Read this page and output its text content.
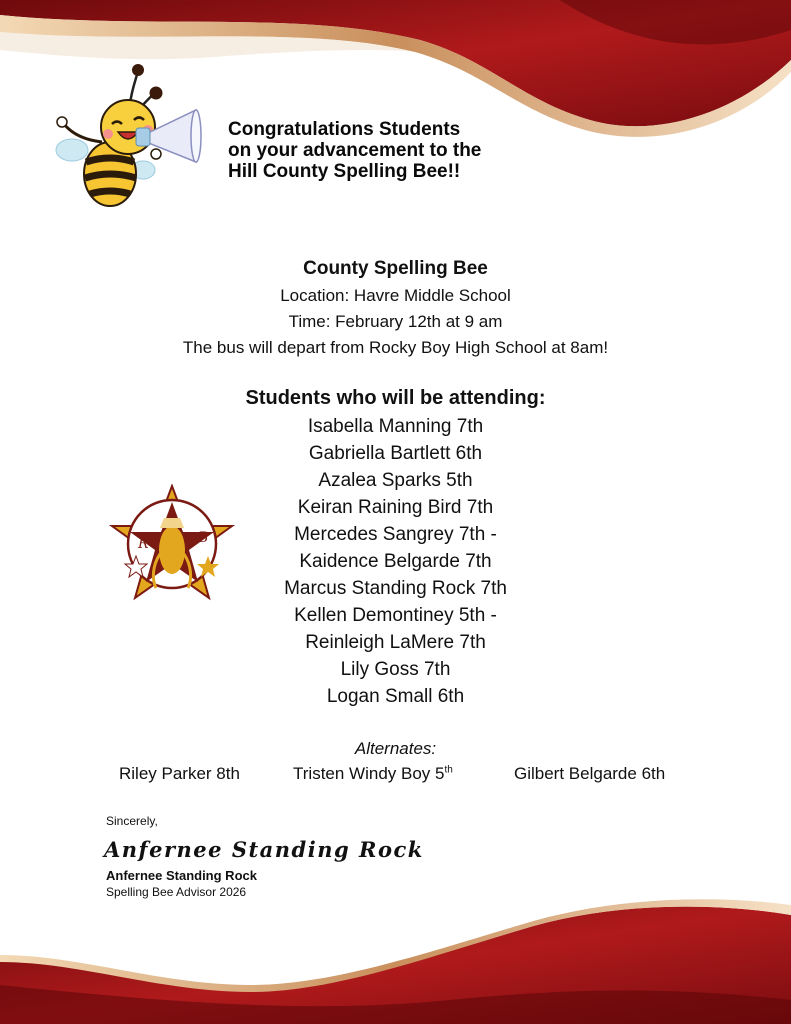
Congratulations Students
on your advancement to the
Hill County Spelling Bee!!
County Spelling Bee
Location: Havre Middle School
Time: February 12th at 9 am
The bus will depart from Rocky Boy High School at 8am!
Students who will be attending:
Isabella Manning 7th
Gabriella Bartlett 6th
Azalea Sparks 5th
Keiran Raining Bird 7th
Mercedes Sangrey 7th -
Kaidence Belgarde 7th
Marcus Standing Rock 7th
Kellen Demontiney 5th -
Reinleigh LaMere 7th
Lily Goss 7th
Logan Small 6th
R	B
Alternates:
Riley Parker 8th	Tristen Windy Boy 5th	Gilbert Belgarde 6th
Sincerely,
Anfernee Standing Rock
Anfernee Standing Rock
Spelling Bee Advisor 2026
